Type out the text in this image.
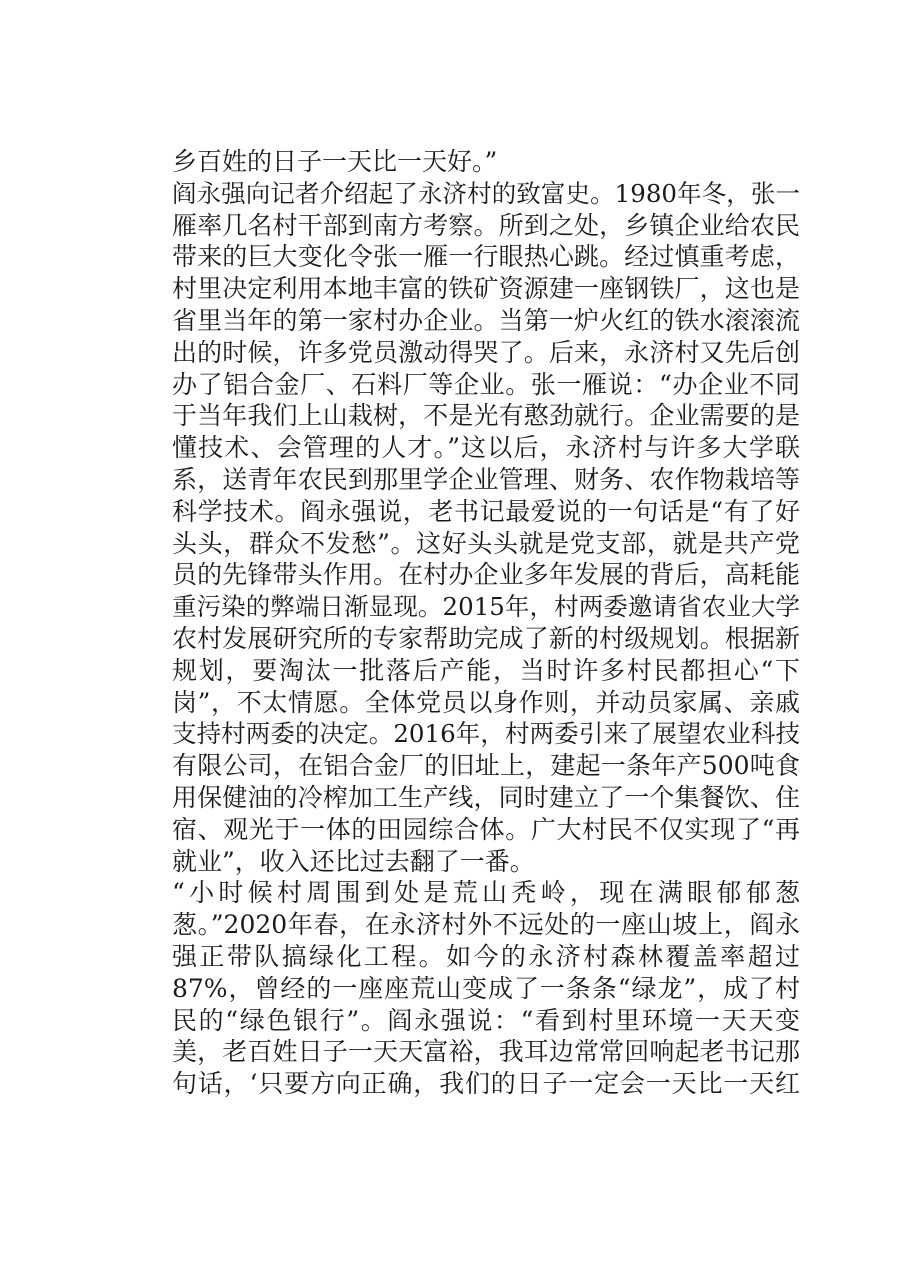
乡百姓的日子一天比一天好。”
阎永强向记者介绍起了永济村的致富史。1980年冬，张一
雁率几名村干部到南方考察。所到之处，乡镇企业给农民
带来的巨大变化令张一雁一行眼热心跳。经过慎重考虑，
村里决定利用本地丰富的铁矿资源建一座钢铁厂，这也是
省里当年的第一家村办企业。当第一炉火红的铁水滚滚流
出的时候，许多党员激动得哭了。后来，永济村又先后创
办了铝合金厂、石料厂等企业。张一雁说：“办企业不同
于当年我们上山栽树，不是光有憨劲就行。企业需要的是
懂技术、会管理的人才。”这以后，永济村与许多大学联
系，送青年农民到那里学企业管理、财务、农作物栽培等
科学技术。阎永强说，老书记最爱说的一句话是“有了好
头头，群众不发愁”。这好头头就是党支部，就是共产党
员的先锋带头作用。在村办企业多年发展的背后，高耗能
重污染的弊端日渐显现。2015年，村两委邀请省农业大学
农村发展研究所的专家帮助完成了新的村级规划。根据新
规划，要淘汰一批落后产能，当时许多村民都担心“下
岗”，不太情愿。全体党员以身作则，并动员家属、亲戚
支持村两委的决定。2016年，村两委引来了展望农业科技
有限公司，在铝合金厂的旧址上，建起一条年产500吨食
用保健油的冷榨加工生产线，同时建立了一个集餐饮、住
宿、观光于一体的田园综合体。广大村民不仅实现了“再
就业”，收入还比过去翻了一番。
“小时候村周围到处是荒山秃岭，现在满眼郁郁葱
葱。”2020年春，在永济村外不远处的一座山坡上，阎永
强正带队搞绿化工程。如今的永济村森林覆盖率超过
87%，曾经的一座座荒山变成了一条条“绿龙”，成了村
民的“绿色银行”。阎永强说：“看到村里环境一天天变
美，老百姓日子一天天富裕，我耳边常常回响起老书记那
句话，‘只要方向正确，我们的日子一定会一天比一天红
